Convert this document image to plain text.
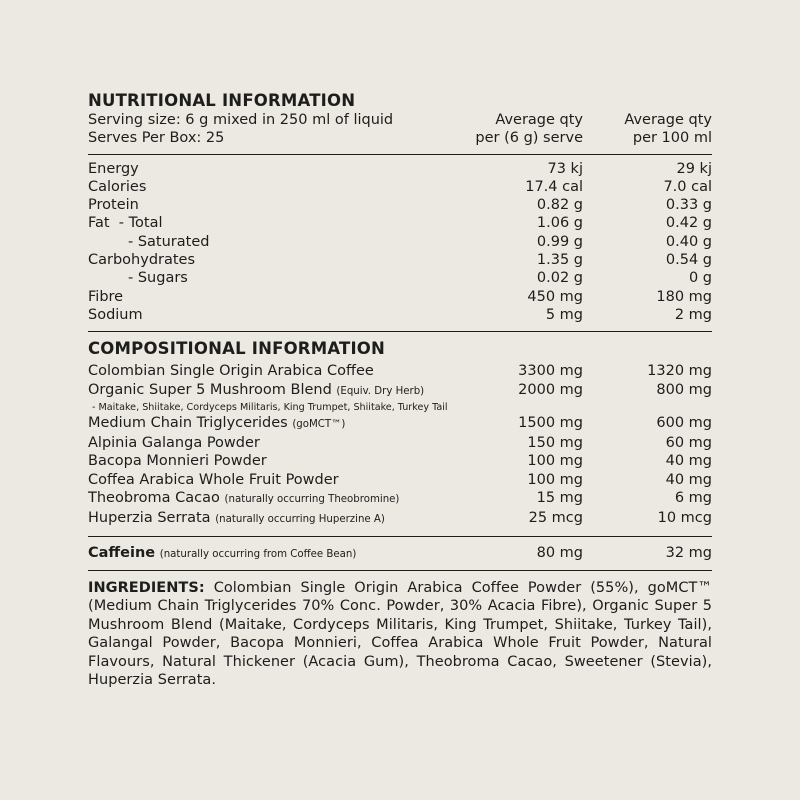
NUTRITIONAL INFORMATION
Serving size: 6 g mixed in 250 ml of liquid	Average qty	Average qty
Serves Per Box: 25	per (6 g) serve	per 100 ml
Energy	73 kj	29 kj
Calories	17.4 cal	7.0 cal
Protein	0.82 g	0.33 g
Fat  - Total	1.06 g	0.42 g
- Saturated	0.99 g	0.40 g
Carbohydrates	1.35 g	0.54 g
- Sugars	0.02 g	0 g
Fibre	450 mg	180 mg
Sodium	5 mg	2 mg
COMPOSITIONAL INFORMATION
Colombian Single Origin Arabica Coffee	3300 mg	1320 mg
Organic Super 5 Mushroom Blend (Equiv. Dry Herb)	2000 mg	800 mg
- Maitake, Shiitake, Cordyceps Militaris, King Trumpet, Shiitake, Turkey Tail
Medium Chain Triglycerides (goMCT™)	1500 mg	600 mg
Alpinia Galanga Powder	150 mg	60 mg
Bacopa Monnieri Powder	100 mg	40 mg
Coffea Arabica Whole Fruit Powder	100 mg	40 mg
Theobroma Cacao (naturally occurring Theobromine)	15 mg	6 mg
Huperzia Serrata (naturally occurring Huperzine A)	25 mcg	10 mcg
Caffeine (naturally occurring from Coffee Bean)	80 mg	32 mg
INGREDIENTS: Colombian Single Origin Arabica Coffee Powder (55%), goMCT™ (Medium Chain Triglycerides 70% Conc. Powder, 30% Acacia Fibre), Organic Super 5 Mushroom Blend (Maitake, Cordyceps Militaris, King Trumpet, Shiitake, Turkey Tail), Galangal Powder, Bacopa Monnieri, Coffea Arabica Whole Fruit Powder, Natural Flavours, Natural Thickener (Acacia Gum), Theobroma Cacao, Sweetener (Stevia), Huperzia Serrata.
